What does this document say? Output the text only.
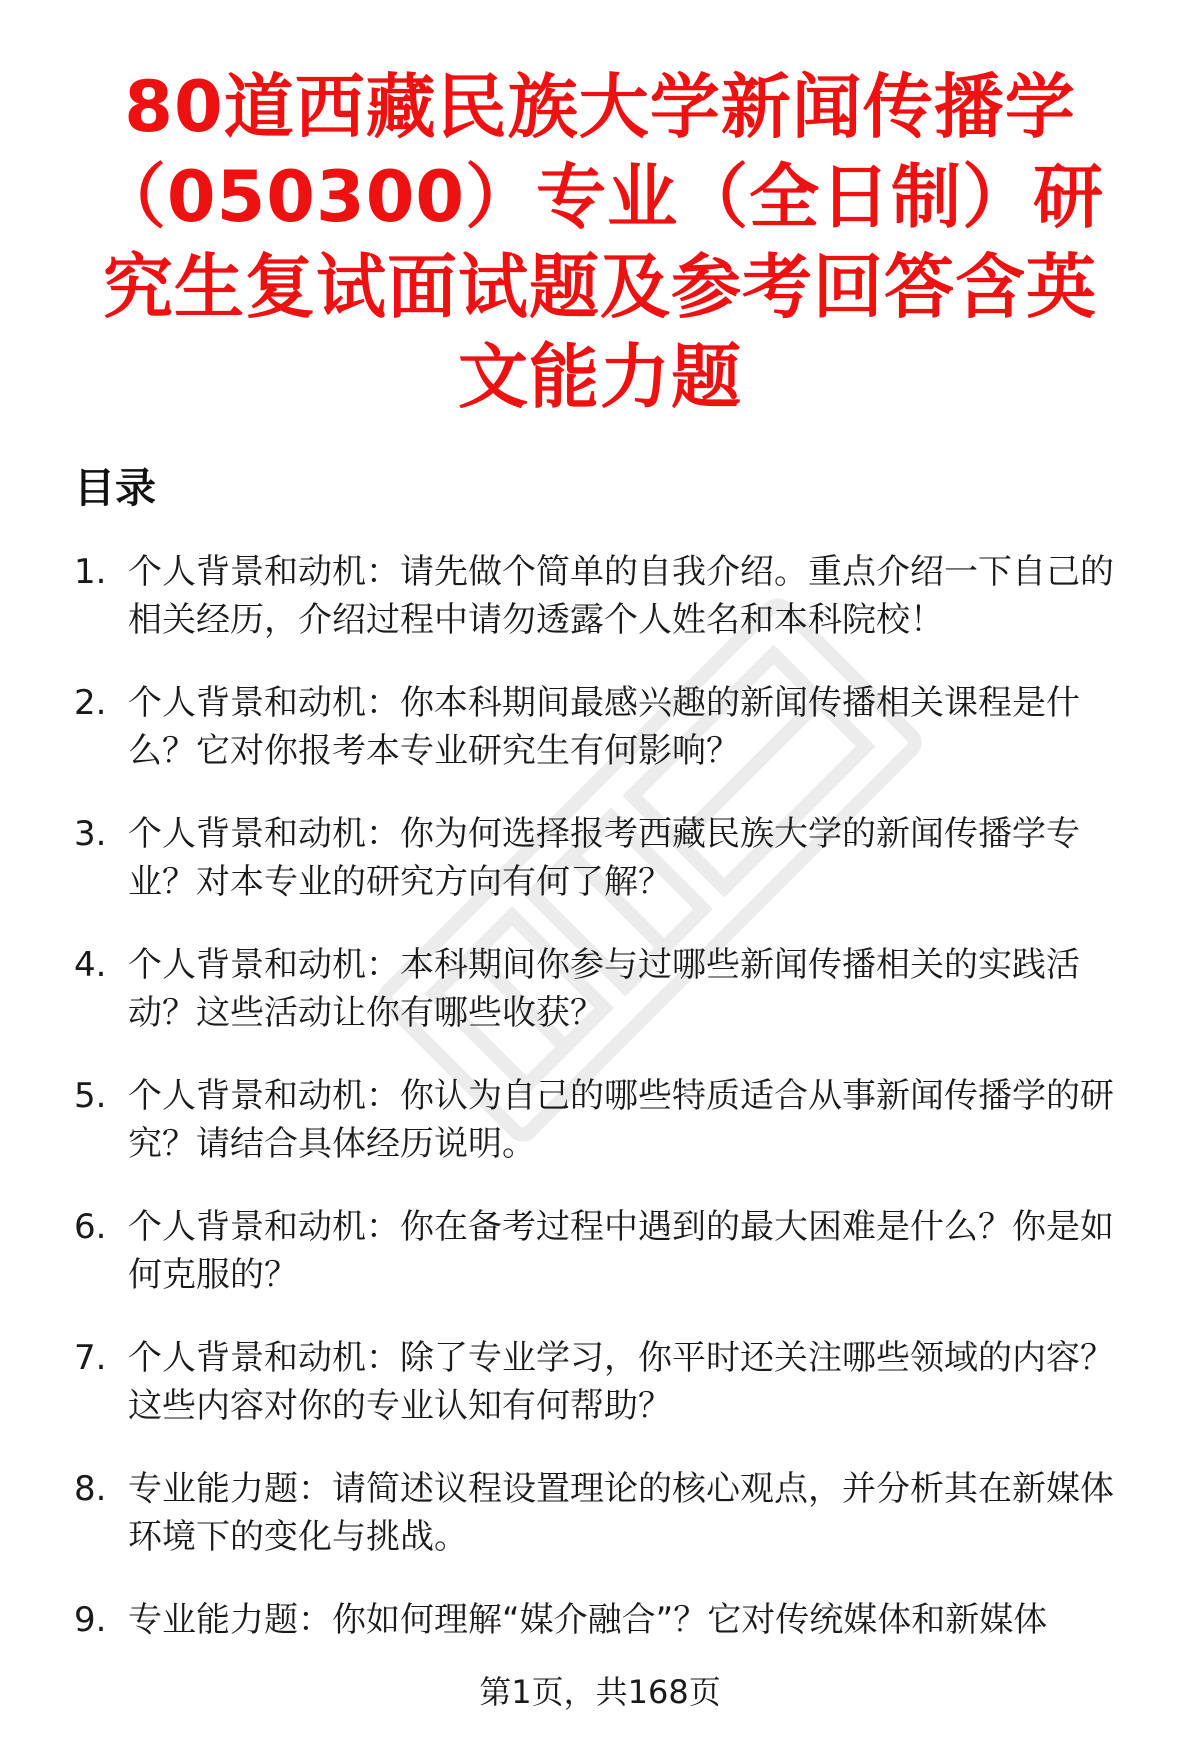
80道西藏民族大学新闻传播学（050300）专业（全日制）研究生复试面试题及参考回答含英文能力题
目录
1. 个人背景和动机：请先做个简单的自我介绍。重点介绍一下自己的相关经历，介绍过程中请勿透露个人姓名和本科院校！
2. 个人背景和动机：你本科期间最感兴趣的新闻传播相关课程是什么？它对你报考本专业研究生有何影响？
3. 个人背景和动机：你为何选择报考西藏民族大学的新闻传播学专业？对本专业的研究方向有何了解？
4. 个人背景和动机：本科期间你参与过哪些新闻传播相关的实践活动？这些活动让你有哪些收获？
5. 个人背景和动机：你认为自己的哪些特质适合从事新闻传播学的研究？请结合具体经历说明。
6. 个人背景和动机：你在备考过程中遇到的最大困难是什么？你是如何克服的？
7. 个人背景和动机：除了专业学习，你平时还关注哪些领域的内容？这些内容对你的专业认知有何帮助？
8. 专业能力题：请简述议程设置理论的核心观点，并分析其在新媒体环境下的变化与挑战。
9. 专业能力题：你如何理解“媒介融合”？它对传统媒体和新媒体
第1页，共168页
